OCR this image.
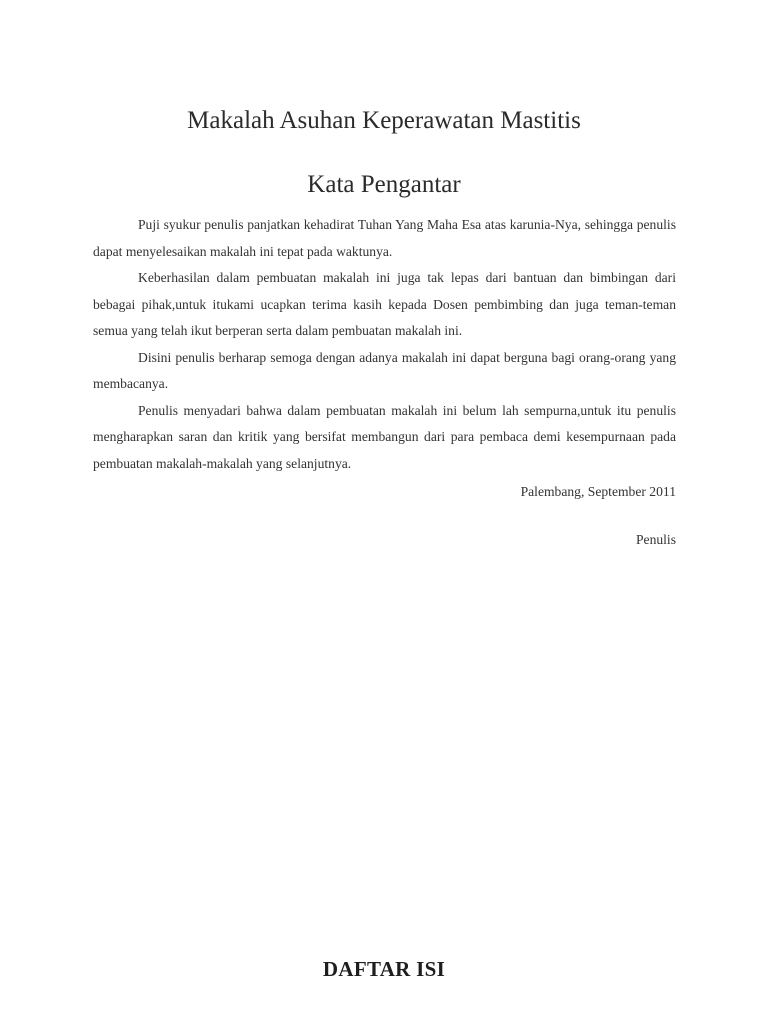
Makalah Asuhan Keperawatan Mastitis
Kata Pengantar

Puji syukur penulis panjatkan kehadirat Tuhan Yang Maha Esa atas karunia-Nya, sehingga penulis dapat menyelesaikan makalah ini tepat pada waktunya.

Keberhasilan dalam pembuatan makalah ini juga tak lepas dari bantuan dan bimbingan dari bebagai pihak,untuk itukami ucapkan terima kasih kepada Dosen pembimbing dan juga teman-teman semua yang telah ikut berperan serta dalam pembuatan makalah ini.

Disini penulis berharap semoga dengan adanya makalah ini dapat berguna bagi orang-orang yang membacanya.

Penulis menyadari bahwa dalam pembuatan makalah ini belum lah sempurna,untuk itu penulis mengharapkan saran dan kritik yang bersifat membangun dari para pembaca demi kesempurnaan pada pembuatan makalah-makalah yang selanjutnya.

Palembang, September 2011
Penulis
DAFTAR ISI
